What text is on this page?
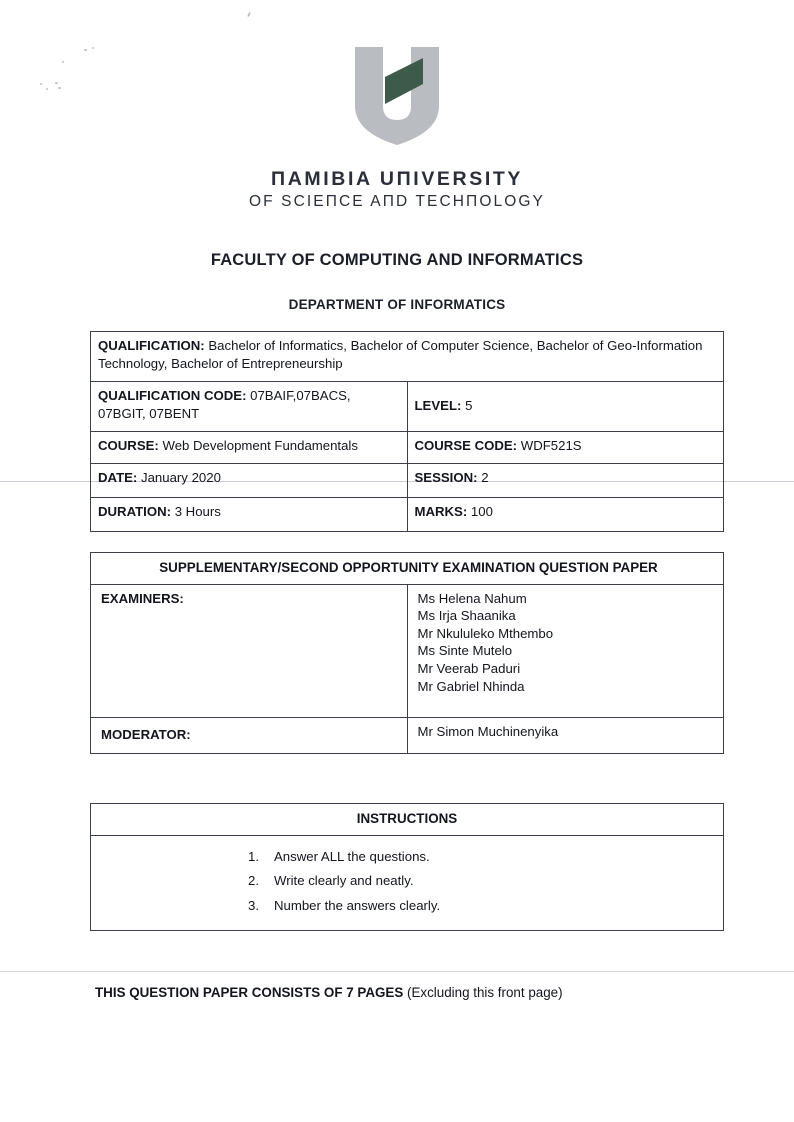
ΠAMIBIA UΠIVERSITY
OF SCIEΠCE AΠD TECHΠOLOGY
FACULTY OF COMPUTING AND INFORMATICS
DEPARTMENT OF INFORMATICS
QUALIFICATION: Bachelor of Informatics, Bachelor of Computer Science, Bachelor of Geo-Information Technology, Bachelor of Entrepreneurship	
QUALIFICATION CODE: 07BAIF,07BACS, 07BGIT, 07BENT	LEVEL: 5
COURSE: Web Development Fundamentals	COURSE CODE: WDF521S
DATE: January 2020	SESSION: 2
DURATION: 3 Hours	MARKS: 100
SUPPLEMENTARY/SECOND OPPORTUNITY EXAMINATION QUESTION PAPER	
EXAMINERS:	Ms Helena Nahum
Ms Irja Shaanika
Mr Nkululeko Mthembo
Ms Sinte Mutelo
Mr Veerab Paduri
Mr Gabriel Nhinda

MODERATOR:	Mr Simon Muchinenyika
INSTRUCTIONS

1.	Answer ALL the questions.
2.	Write clearly and neatly.
3.	Number the answers clearly.
THIS QUESTION PAPER CONSISTS OF 7 PAGES (Excluding this front page)
